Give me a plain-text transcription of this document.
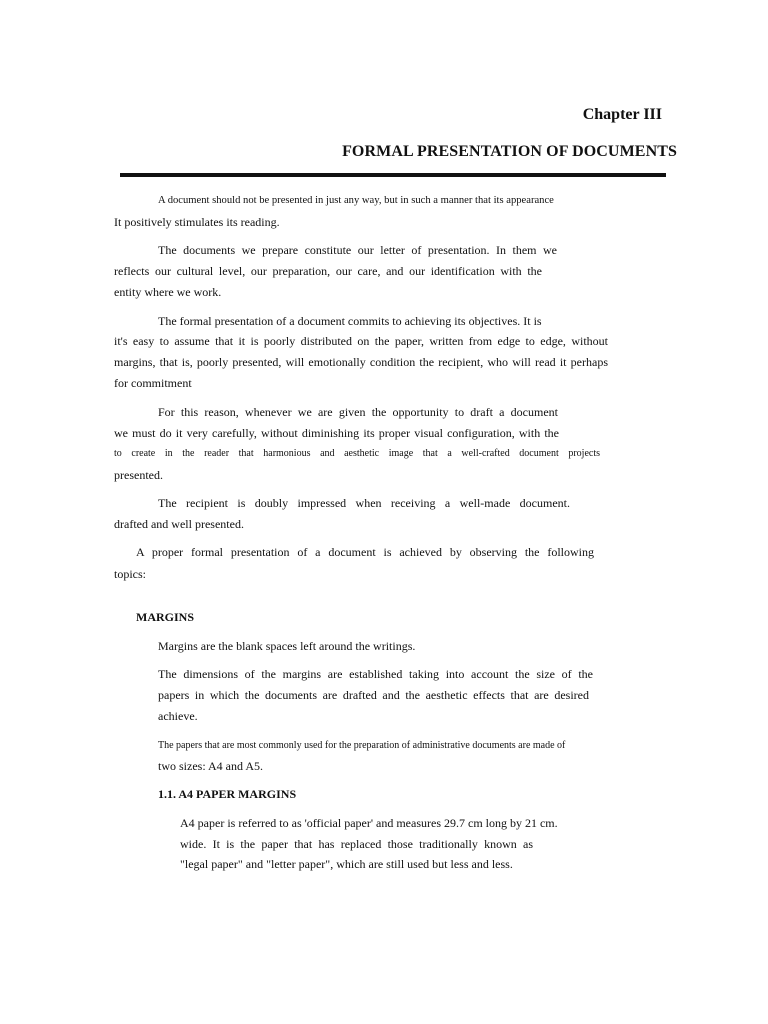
Chapter III
FORMAL PRESENTATION OF DOCUMENTS

A document should not be presented in just any way, but in such a manner that its appearance

It positively stimulates its reading.

The documents we prepare constitute our letter of presentation. In them we

reflects our cultural level, our preparation, our care, and our identification with the

entity where we work.

The formal presentation of a document commits to achieving its objectives. It is

it's easy to assume that it is poorly distributed on the paper, written from edge to edge, without

margins, that is, poorly presented, will emotionally condition the recipient, who will read it perhaps

for commitment

For this reason, whenever we are given the opportunity to draft a document

we must do it very carefully, without diminishing its proper visual configuration, with the

to create in the reader that harmonious and aesthetic image that a well-crafted document projects

presented.

The recipient is doubly impressed when receiving a well-made document.

drafted and well presented.

A proper formal presentation of a document is achieved by observing the following

topics:

MARGINS

Margins are the blank spaces left around the writings.

The dimensions of the margins are established taking into account the size of the

papers in which the documents are drafted and the aesthetic effects that are desired

achieve.

The papers that are most commonly used for the preparation of administrative documents are made of

two sizes: A4 and A5.

1.1. A4 PAPER MARGINS

A4 paper is referred to as 'official paper' and measures 29.7 cm long by 21 cm.

wide. It is the paper that has replaced those traditionally known as

"legal paper" and "letter paper", which are still used but less and less.
